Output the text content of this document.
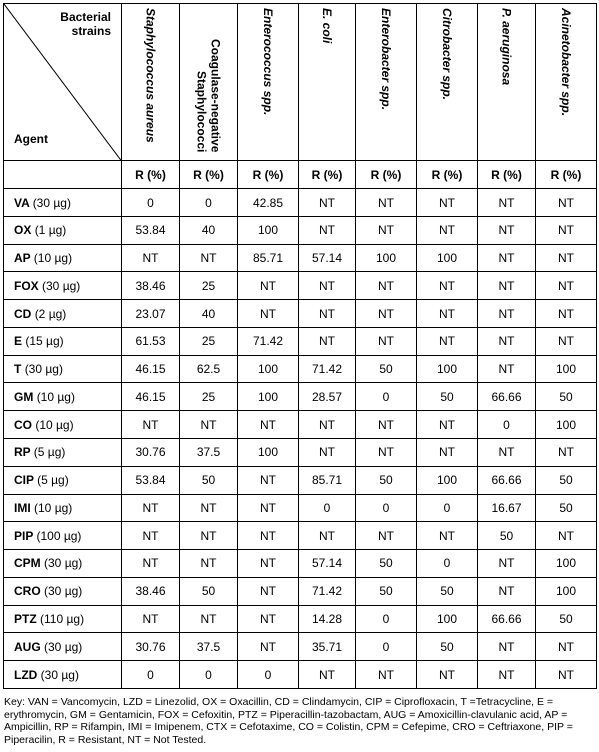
Bacterial strains
Agent	Staphylococcus aureus	Coagulase-negative Staphylococci	Enterococcus spp.	E. coli	Enterobacter spp.	Citrobacter spp.	P. aeruginosa	Acinetobacter spp.

	R (%)	R (%)	R (%)	R (%)	R (%)	R (%)	R (%)	R (%)
VA (30 µg)	0	0	42.85	NT	NT	NT	NT	NT
OX (1 µg)	53.84	40	100	NT	NT	NT	NT	NT
AP (10 µg)	NT	NT	85.71	57.14	100	100	NT	NT
FOX (30 µg)	38.46	25	NT	NT	NT	NT	NT	NT
CD (2 µg)	23.07	40	NT	NT	NT	NT	NT	NT
E (15 µg)	61.53	25	71.42	NT	NT	NT	NT	NT
T (30 µg)	46.15	62.5	100	71.42	50	100	NT	100
GM (10 µg)	46.15	25	100	28.57	0	50	66.66	50
CO (10 µg)	NT	NT	NT	NT	NT	NT	0	100
RP (5 µg)	30.76	37.5	100	NT	NT	NT	NT	NT
CIP (5 µg)	53.84	50	NT	85.71	50	100	66.66	50
IMI (10 µg)	NT	NT	NT	0	0	0	16.67	50
PIP (100 µg)	NT	NT	NT	NT	NT	NT	50	NT
CPM (30 µg)	NT	NT	NT	57.14	50	0	NT	100
CRO (30 µg)	38.46	50	NT	71.42	50	50	NT	100
PTZ (110 µg)	NT	NT	NT	14.28	0	100	66.66	50
AUG (30 µg)	30.76	37.5	NT	35.71	0	50	NT	NT
LZD (30 µg)	0	0	0	NT	NT	NT	NT	NT
Key: VAN = Vancomycin, LZD = Linezolid, OX = Oxacillin, CD = Clindamycin, CIP = Ciprofloxacin, T =Tetracycline, E = erythromycin, GM = Gentamicin, FOX = Cefoxitin, PTZ = Piperacillin-tazobactam, AUG = Amoxicillin-clavulanic acid, AP = Ampicillin, RP = Rifampin, IMI = Imipenem, CTX = Cefotaxime, CO = Colistin, CPM = Cefepime, CRO = Ceftriaxone, PIP = Piperacilin, R = Resistant, NT = Not Tested.
